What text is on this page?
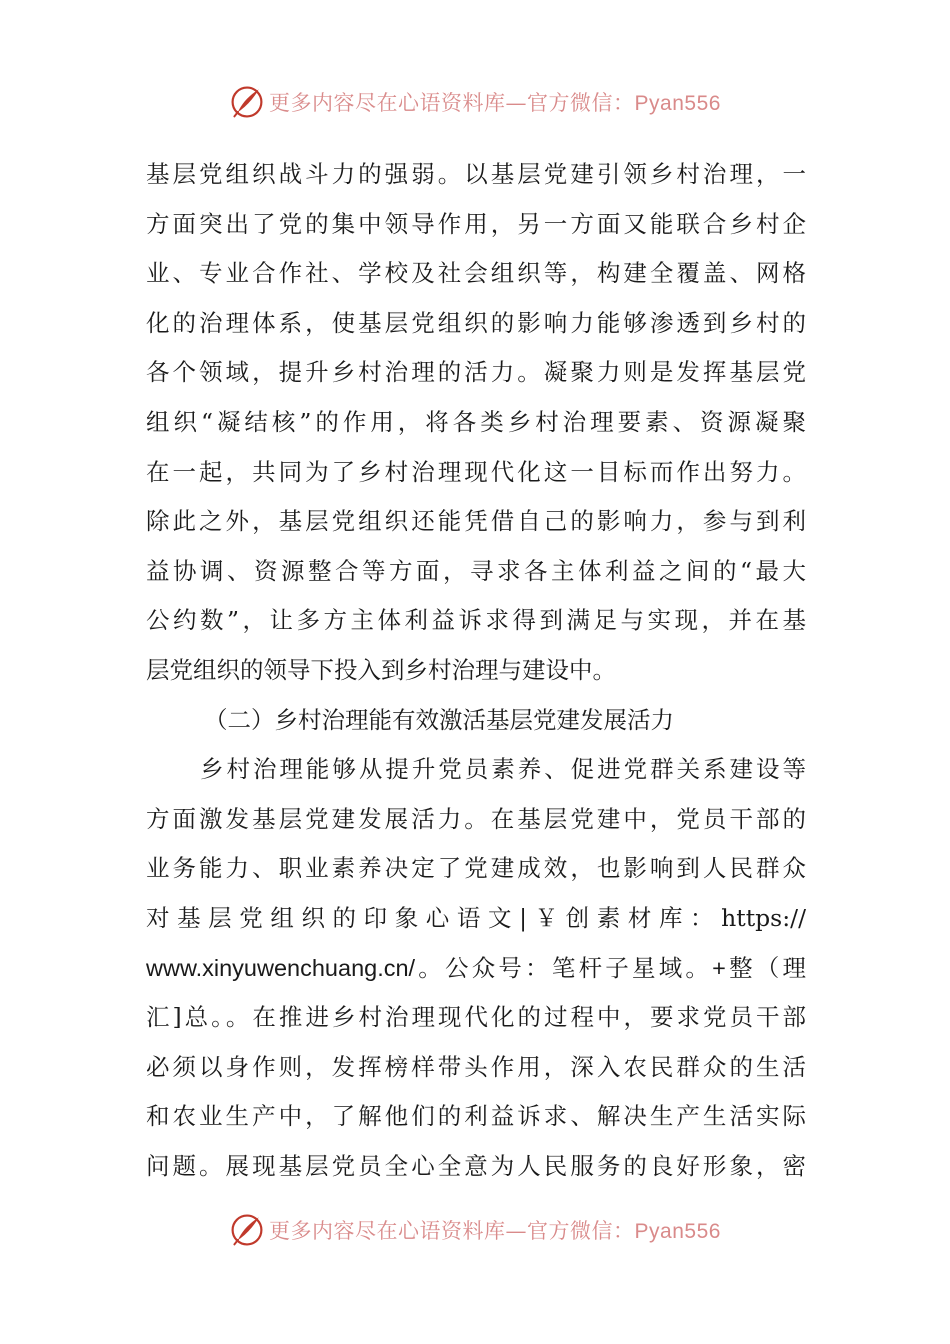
更多内容尽在心语资料库—官方微信：Pyan556
基层党组织战斗力的强弱。以基层党建引领乡村治理，一
方面突出了党的集中领导作用，另一方面又能联合乡村企
业、专业合作社、学校及社会组织等，构建全覆盖、网格
化的治理体系，使基层党组织的影响力能够渗透到乡村的
各个领域，提升乡村治理的活力。凝聚力则是发挥基层党
组织“凝结核”的作用，将各类乡村治理要素、资源凝聚
在一起，共同为了乡村治理现代化这一目标而作出努力。
除此之外，基层党组织还能凭借自己的影响力，参与到利
益协调、资源整合等方面，寻求各主体利益之间的“最大
公约数”，让多方主体利益诉求得到满足与实现，并在基
层党组织的领导下投入到乡村治理与建设中。
（二）乡村治理能有效激活基层党建发展活力
乡村治理能够从提升党员素养、促进党群关系建设等
方面激发基层党建发展活力。在基层党建中，党员干部的
业务能力、职业素养决定了党建成效，也影响到人民群众
对基层党组织的印象心语文|￥创素材库：https://
www.xinyuwenchuang.cn/。公众号：笔杆子星域。+整（理
汇]总。。在推进乡村治理现代化的过程中，要求党员干部
必须以身作则，发挥榜样带头作用，深入农民群众的生活
和农业生产中，了解他们的利益诉求、解决生产生活实际
问题。展现基层党员全心全意为人民服务的良好形象，密
更多内容尽在心语资料库—官方微信：Pyan556
